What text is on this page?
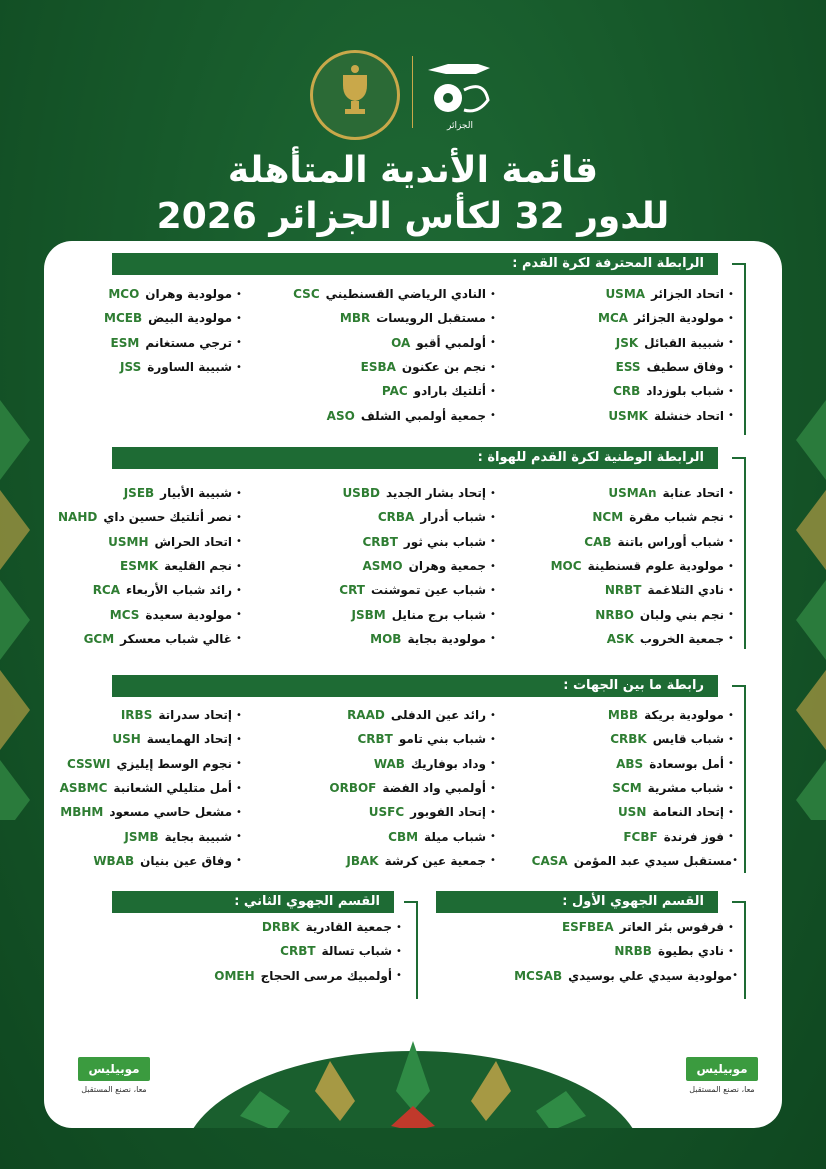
الجزائر
قائمة الأندية المتأهلة
للدور 32 لكأس الجزائر 2026
الرابطة المحترفة لكرة القدم :
•
اتحاد الجزائر
USMA
•
مولودية الجزائر
MCA
•
شبيبة القبائل
JSK
•
وفاق سطيف
ESS
•
شباب بلوزداد
CRB
•
اتحاد خنشلة
USMK
•
النادي الرياضي القسنطيني
CSC
•
مستقبل الرويسات
MBR
•
أولمبي أقبو
OA
•
نجم بن عكنون
ESBA
•
أتلتيك بارادو
PAC
•
جمعية أولمبي الشلف
ASO
•
مولودية وهران
MCO
•
مولودية البيض
MCEB
•
ترجي مستغانم
ESM
•
شبيبة الساورة
JSS
الرابطة الوطنية لكرة القدم للهواة :
•
اتحاد عنابة
USMAn
•
نجم شباب مقرة
NCM
•
شباب أوراس باتنة
CAB
•
مولودية علوم قسنطينة
MOC
•
نادي التلاغمة
NRBT
•
نجم بني ولبان
NRBO
•
جمعية الخروب
ASK
•
إتحاد بشار الجديد
USBD
•
شباب أدرار
CRBA
•
شباب بني ثور
CRBT
•
جمعية وهران
ASMO
•
شباب عين تموشنت
CRT
•
شباب برج منايل
JSBM
•
مولودية بجاية
MOB
•
شبيبة الأبيار
JSEB
•
نصر أتلتيك حسين داي
NAHD
•
اتحاد الحراش
USMH
•
نجم القليعة
ESMK
•
رائد شباب الأربعاء
RCA
•
مولودية سعيدة
MCS
•
غالي شباب معسكر
GCM
رابطة ما بين الجهات :
•
مولودية بريكة
MBB
•
شباب قايس
CRBK
•
أمل بوسعادة
ABS
•
شباب مشرية
SCM
•
إتحاد النعامة
USN
•
فوز فرندة
FCBF
•
مستقبل سيدي عبد المؤمن
CASA
•
رائد عين الدفلى
RAAD
•
شباب بني تامو
CRBT
•
وداد بوفاريك
WAB
•
أولمبي واد الفضة
ORBOF
•
إتحاد الفوبور
USFC
•
شباب ميلة
CBM
•
جمعية عين كرشة
JBAK
•
إتحاد سدراتة
IRBS
•
إتحاد الهمايسة
USH
•
نجوم الوسط إيليزي
CSSWI
•
أمل متليلي الشعانبة
ASBMC
•
مشعل حاسي مسعود
MBHM
•
شبيبة بجاية
JSMB
•
وفاق عين بنيان
WBAB
القسم الجهوي الأول :
•
فرفوس بئر العاتر
ESFBEA
•
نادي بطيوة
NRBB
•
مولودية سيدي علي بوسيدي
MCSAB
القسم الجهوي الثاني :
•
جمعية القادرية
DRBK
•
شباب تسالة
CRBT
•
أولمبيك مرسى الحجاج
OMEH
موبيليس
معا، نصنع المستقبل
موبيليس
معا، نصنع المستقبل
